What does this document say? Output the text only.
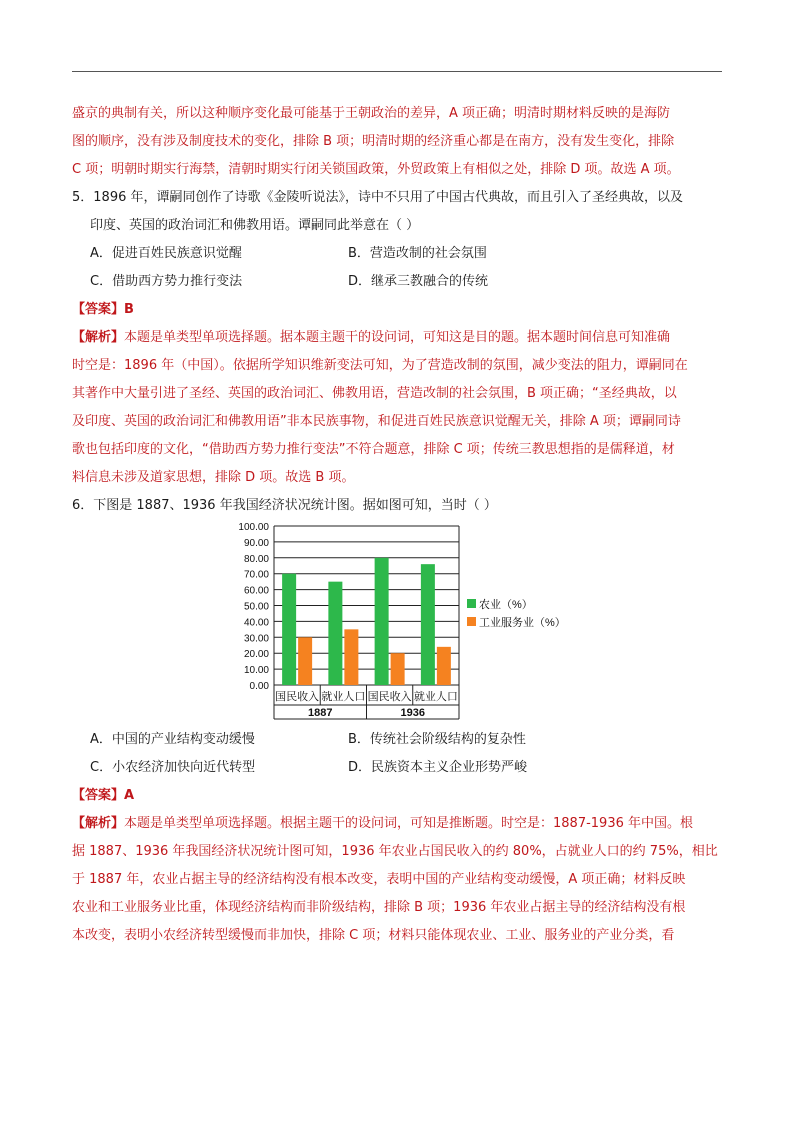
盛京的典制有关，所以这种顺序变化最可能基于王朝政治的差异，A 项正确；明清时期材料反映的是海防
图的顺序，没有涉及制度技术的变化，排除 B 项；明清时期的经济重心都是在南方，没有发生变化，排除
C 项；明朝时期实行海禁，清朝时期实行闭关锁国政策，外贸政策上有相似之处，排除 D 项。故选 A 项。
5．1896 年，谭嗣同创作了诗歌《金陵听说法》，诗中不只用了中国古代典故，而且引入了圣经典故，以及
印度、英国的政治词汇和佛教用语。谭嗣同此举意在（ ）
A．促进百姓民族意识觉醒	B．营造改制的社会氛围
C．借助西方势力推行变法	D．继承三教融合的传统
【答案】B
【解析】本题是单类型单项选择题。据本题主题干的设问词，可知这是目的题。据本题时间信息可知准确
时空是：1896 年（中国）。依据所学知识维新变法可知，为了营造改制的氛围，减少变法的阻力，谭嗣同在
其著作中大量引进了圣经、英国的政治词汇、佛教用语，营造改制的社会氛围，B 项正确；“圣经典故，以
及印度、英国的政治词汇和佛教用语”非本民族事物，和促进百姓民族意识觉醒无关，排除 A 项；谭嗣同诗
歌也包括印度的文化，“借助西方势力推行变法”不符合题意，排除 C 项；传统三教思想指的是儒释道，材
料信息未涉及道家思想，排除 D 项。故选 B 项。
6．下图是 1887、1936 年我国经济状况统计图。据如图可知，当时（ ）
0.00
10.00
20.00
30.00
40.00
50.00
60.00
70.00
80.00
90.00
100.00
国民收入 就业人口 国民收入 就业人口
1887	1936
农业（%）
工业服务业（%）
A．中国的产业结构变动缓慢	B．传统社会阶级结构的复杂性
C．小农经济加快向近代转型	D．民族资本主义企业形势严峻
【答案】A
【解析】本题是单类型单项选择题。根据主题干的设问词，可知是推断题。时空是：1887-1936 年中国。根
据 1887、1936 年我国经济状况统计图可知，1936 年农业占国民收入的约 80%，占就业人口的约 75%，相比
于 1887 年，农业占据主导的经济结构没有根本改变，表明中国的产业结构变动缓慢，A 项正确；材料反映
农业和工业服务业比重，体现经济结构而非阶级结构，排除 B 项；1936 年农业占据主导的经济结构没有根
本改变，表明小农经济转型缓慢而非加快，排除 C 项；材料只能体现农业、工业、服务业的产业分类，看
